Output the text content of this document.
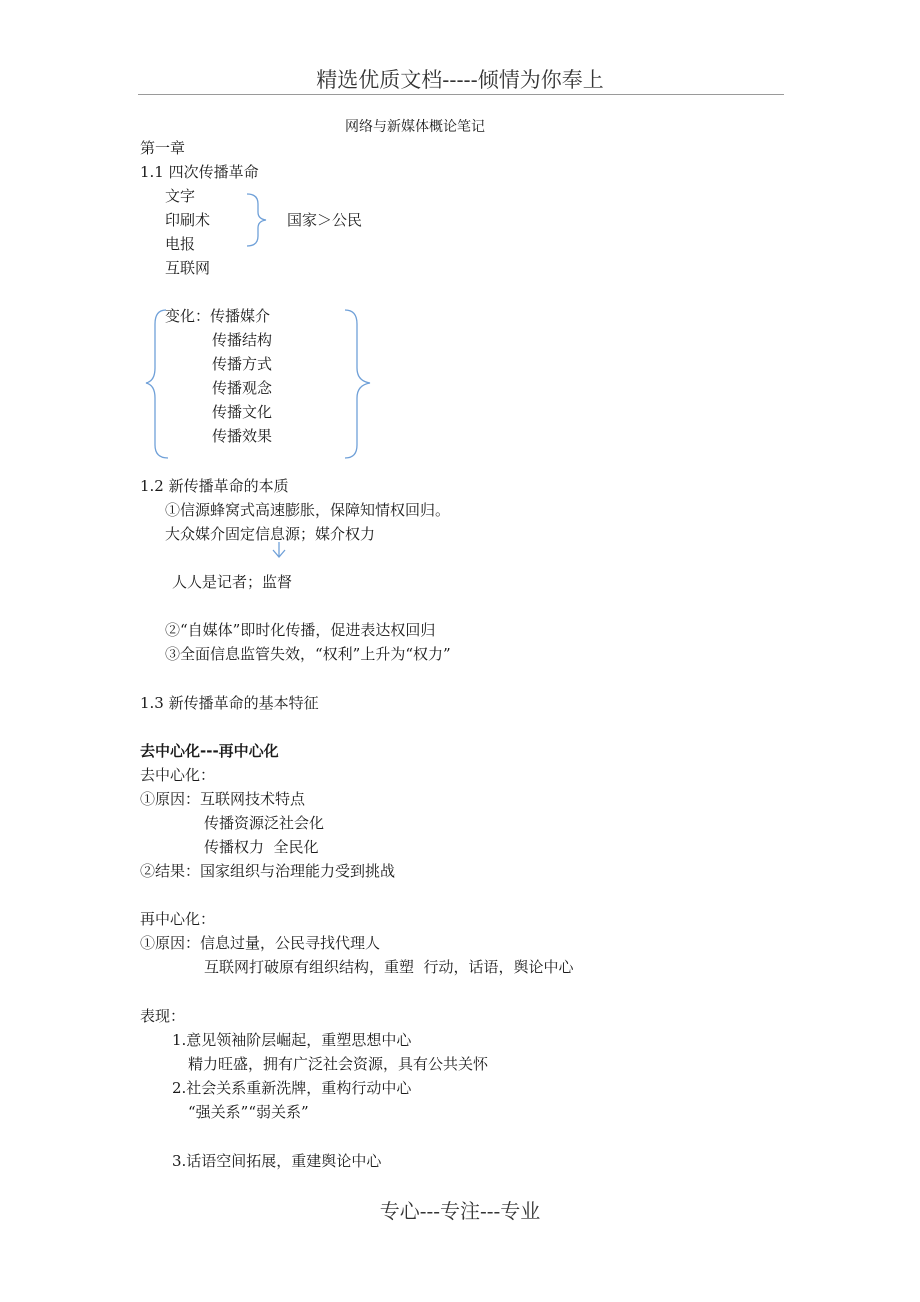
精选优质文档-----倾情为你奉上
网络与新媒体概论笔记
第一章
1.1 四次传播革命
文字
印刷术
电报
互联网
国家＞公民
变化：传播媒介
传播结构
传播方式
传播观念
传播文化
传播效果
1.2 新传播革命的本质
①信源蜂窝式高速膨胀，保障知情权回归。
大众媒介固定信息源；媒介权力
人人是记者；监督
②“自媒体”即时化传播，促进表达权回归
③全面信息监管失效，“权利”上升为“权力”
1.3 新传播革命的基本特征
去中心化---再中心化
去中心化：
①原因：互联网技术特点
传播资源泛社会化
传播权力  全民化
②结果：国家组织与治理能力受到挑战
再中心化：
①原因：信息过量，公民寻找代理人
互联网打破原有组织结构，重塑  行动，话语，舆论中心
表现：
1.意见领袖阶层崛起，重塑思想中心
精力旺盛，拥有广泛社会资源，具有公共关怀
2.社会关系重新洗牌，重构行动中心
“强关系”“弱关系”
3.话语空间拓展，重建舆论中心
专心---专注---专业
